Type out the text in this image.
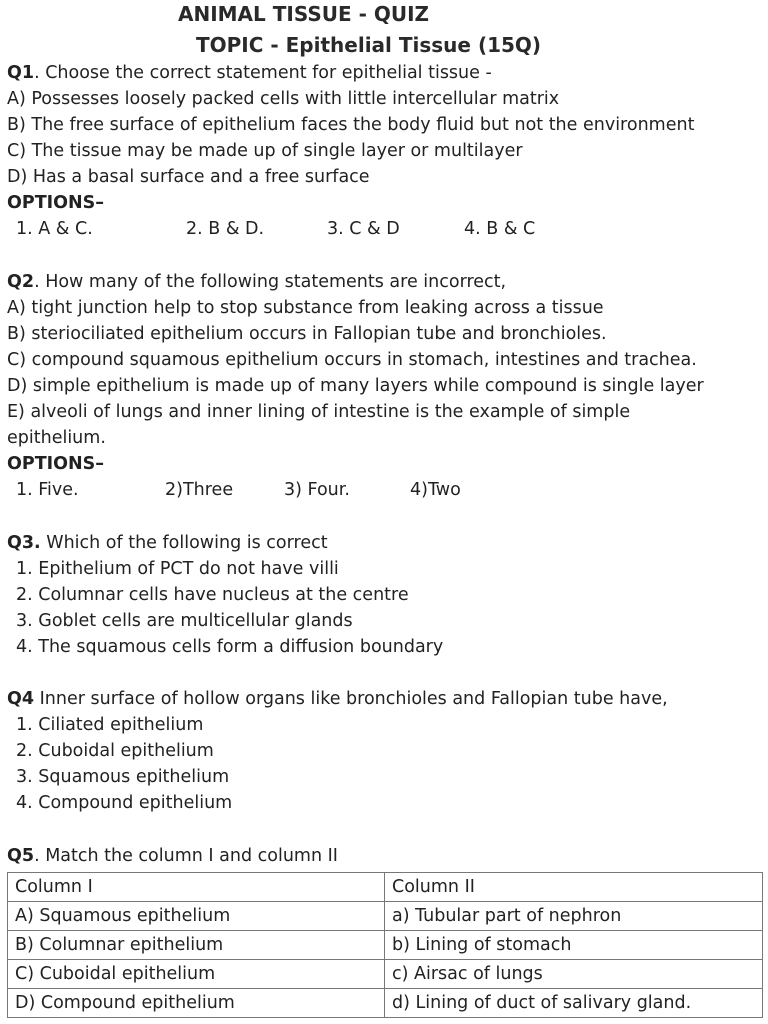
ANIMAL TISSUE - QUIZ
TOPIC - Epithelial Tissue (15Q)
Q1. Choose the correct statement for epithelial tissue -
A) Possesses loosely packed cells with little intercellular matrix
B) The free surface of epithelium faces the body fluid but not the environment
C) The tissue may be made up of single layer or multilayer
D) Has a basal surface and a free surface
OPTIONS–
1. A & C.	2. B & D.	3. C & D	4. B & C
Q2. How many of the following statements are incorrect,
A) tight junction help to stop substance from leaking across a tissue
B) steriociliated epithelium occurs in Fallopian tube and bronchioles.
C) compound squamous epithelium occurs in stomach, intestines and trachea.
D) simple epithelium is made up of many layers while compound is single layer
E) alveoli of lungs and inner lining of intestine is the example of simple
epithelium.
OPTIONS–
1. Five.	2)Three	3) Four.	4)Two
Q3. Which of the following is correct
1. Epithelium of PCT do not have villi
2. Columnar cells have nucleus at the centre
3. Goblet cells are multicellular glands
4. The squamous cells form a diffusion boundary
Q4 Inner surface of hollow organs like bronchioles and Fallopian tube have,
1. Ciliated epithelium
2. Cuboidal epithelium
3. Squamous epithelium
4. Compound epithelium
Q5. Match the column I and column II
Column I	Column II
A) Squamous epithelium	a) Tubular part of nephron
B) Columnar epithelium	b) Lining of stomach
C) Cuboidal epithelium	c) Airsac of lungs
D) Compound epithelium	d) Lining of duct of salivary gland.
